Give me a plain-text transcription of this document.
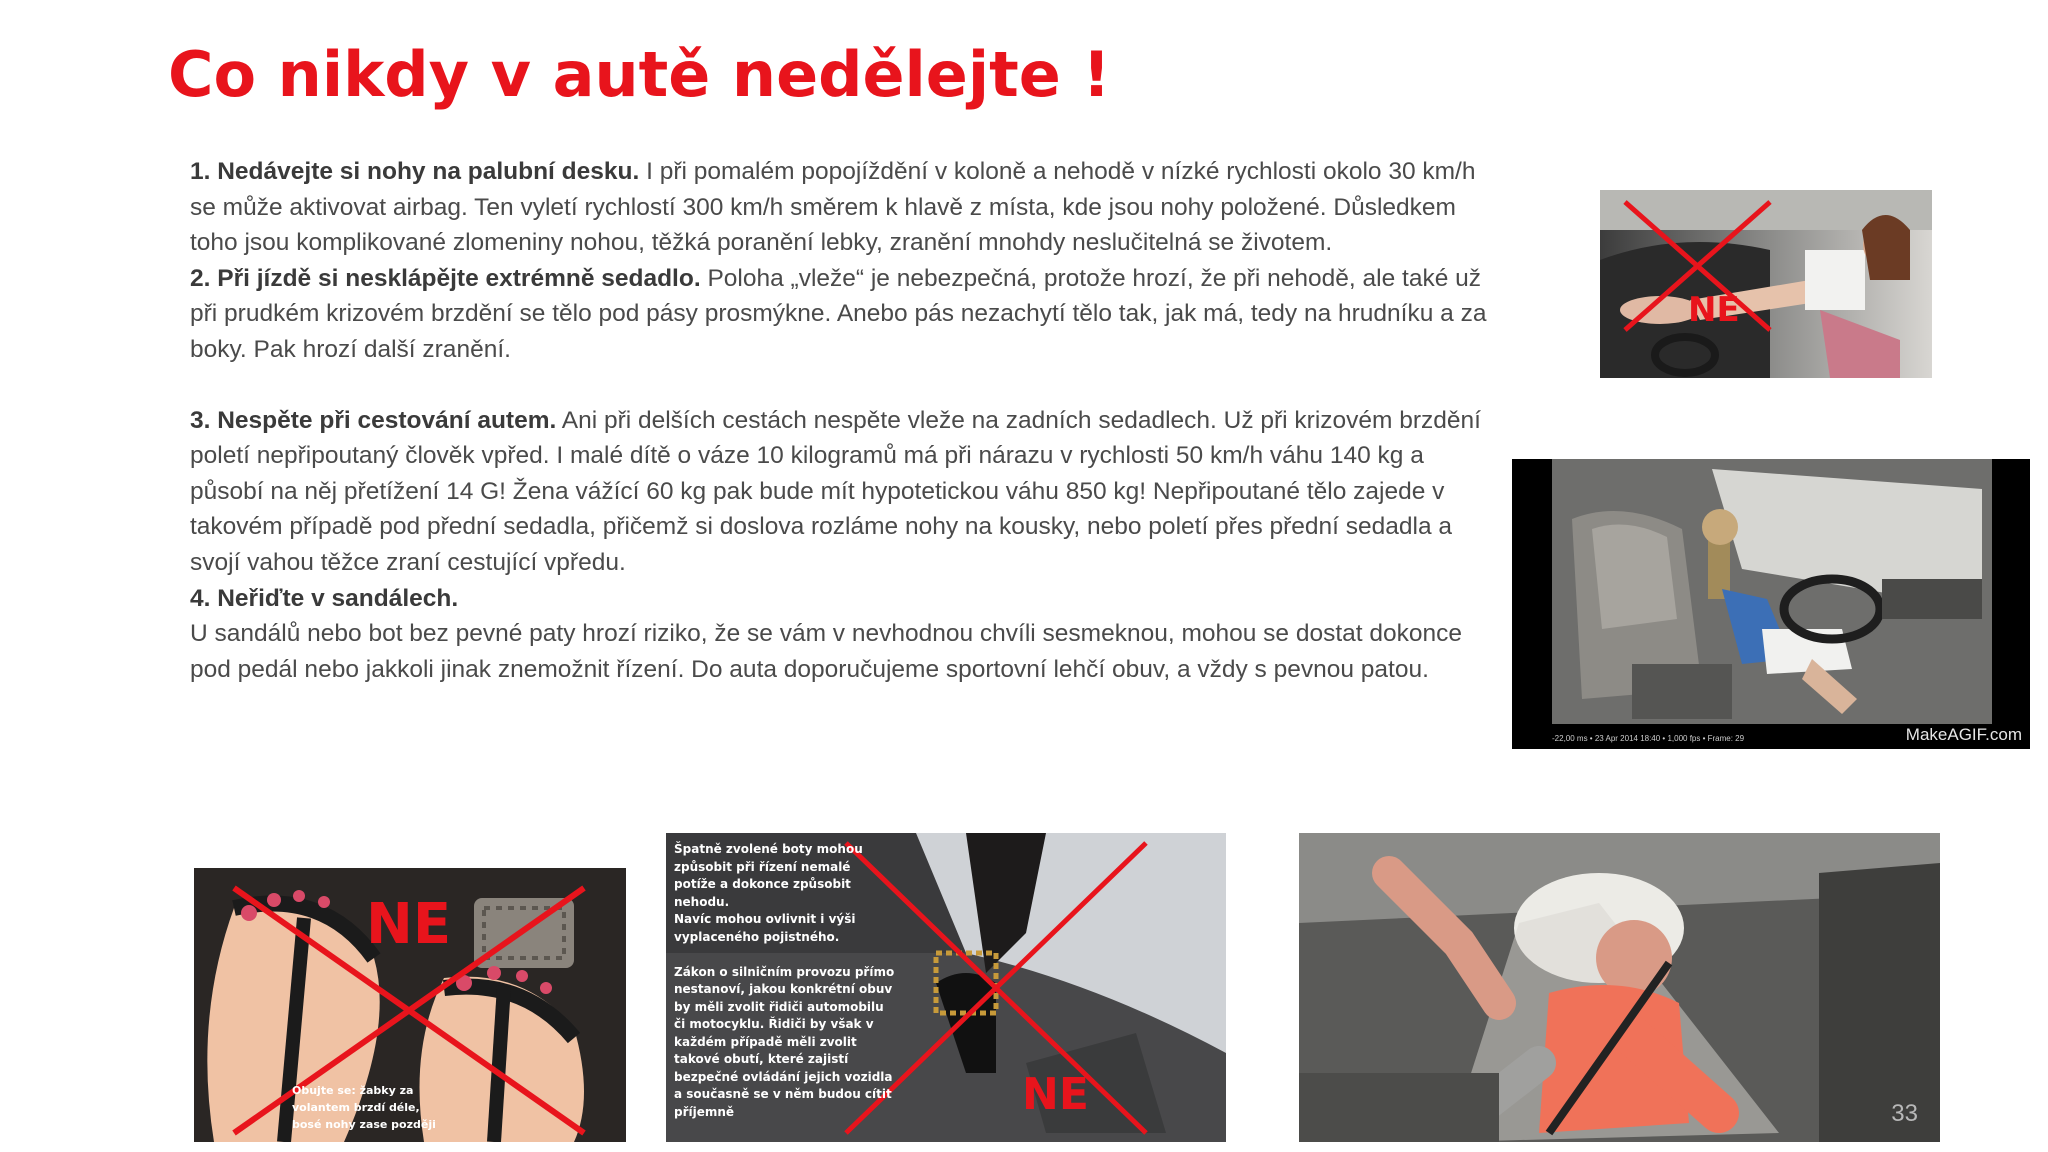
Co nikdy v autě nedělejte !

1. Nedávejte si nohy na palubní desku. I při pomalém popojíždění v koloně a nehodě v nízké rychlosti okolo 30 km/h se může aktivovat airbag. Ten vyletí rychlostí 300 km/h směrem k hlavě z místa, kde jsou nohy položené. Důsledkem toho jsou komplikované zlomeniny nohou, těžká poranění lebky, zranění mnohdy neslučitelná se životem.

2. Při jízdě si nesklápějte extrémně sedadlo. Poloha „vleže“ je nebezpečná, protože hrozí, že při nehodě, ale také už při prudkém krizovém brzdění se tělo pod pásy prosmýkne. Anebo pás nezachytí tělo tak, jak má, tedy na hrudníku a za boky. Pak hrozí další zranění.

3. Nespěte při cestování autem. Ani při delších cestách nespěte vleže na zadních sedadlech. Už při krizovém brzdění poletí nepřipoutaný člověk vpřed. I malé dítě o váze 10 kilogramů má při nárazu v rychlosti 50 km/h váhu 140 kg a působí na něj přetížení 14 G! Žena vážící 60 kg pak bude mít hypotetickou váhu 850 kg! Nepřipoutané tělo zajede v takovém případě pod přední sedadla, přičemž si doslova rozláme nohy na kousky, nebo poletí přes přední sedadla a svojí vahou těžce zraní cestující vpředu.

4. Neřiďte v sandálech.

U sandálů nebo bot bez pevné paty hrozí riziko, že se vám v nevhodnou chvíli sesmeknou, mohou se dostat dokonce pod pedál nebo jakkoli jinak znemožnit řízení. Do auta doporučujeme sportovní lehčí obuv, a vždy s pevnou patou.

NE
-22,00 ms • 23 Apr 2014 18:40 • 1,000 fps • Frame: 29	MakeAGIF.com
NE
Obujte se: žabky za
volantem brzdí déle,
bosé nohy zase později
NE
Špatně zvolené boty mohou
způsobit při řízení nemalé
potíže a dokonce způsobit
nehodu.
Navíc mohou ovlivnit i výši
vyplaceného pojistného.

Zákon o silničním provozu přímo
nestanoví, jakou konkrétní obuv
by měli zvolit řidiči automobilu
či motocyklu. Řidiči by však v
každém případě měli zvolit
takové obutí, které zajistí
bezpečné ovládání jejich vozidla
a současně se v něm budou cítit
příjemně	33
